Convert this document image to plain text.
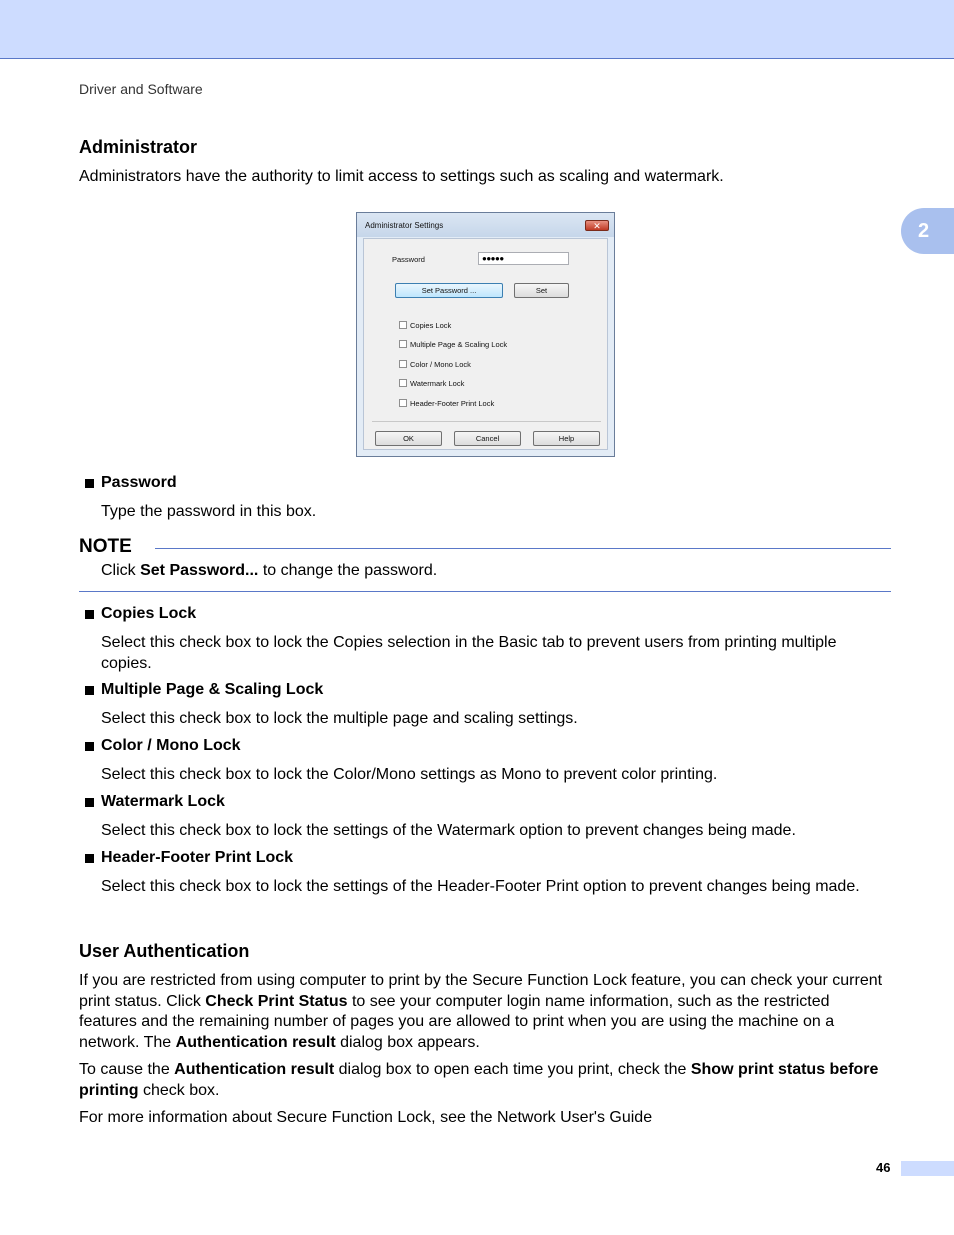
Driver and Software
2
Administrator
Administrators have the authority to limit access to settings such as scaling and watermark.
Administrator Settings	✕
Password	●●●●●
Set Password ...	Set
Copies Lock
Multiple Page & Scaling Lock
Color / Mono Lock
Watermark Lock
Header-Footer Print Lock
OK	Cancel	Help
Password
Type the password in this box.
NOTE
Click Set Password... to change the password.
Copies Lock
Select this check box to lock the Copies selection in the Basic tab to prevent users from printing multiple copies.
Multiple Page & Scaling Lock
Select this check box to lock the multiple page and scaling settings.
Color / Mono Lock
Select this check box to lock the Color/Mono settings as Mono to prevent color printing.
Watermark Lock
Select this check box to lock the settings of the Watermark option to prevent changes being made.
Header-Footer Print Lock
Select this check box to lock the settings of the Header-Footer Print option to prevent changes being made.
User Authentication
If you are restricted from using computer to print by the Secure Function Lock feature, you can check your current print status. Click Check Print Status to see your computer login name information, such as the restricted features and the remaining number of pages you are allowed to print when you are using the machine on a network. The Authentication result dialog box appears.
To cause the Authentication result dialog box to open each time you print, check the Show print status before printing check box.
For more information about Secure Function Lock, see the Network User's Guide
46
